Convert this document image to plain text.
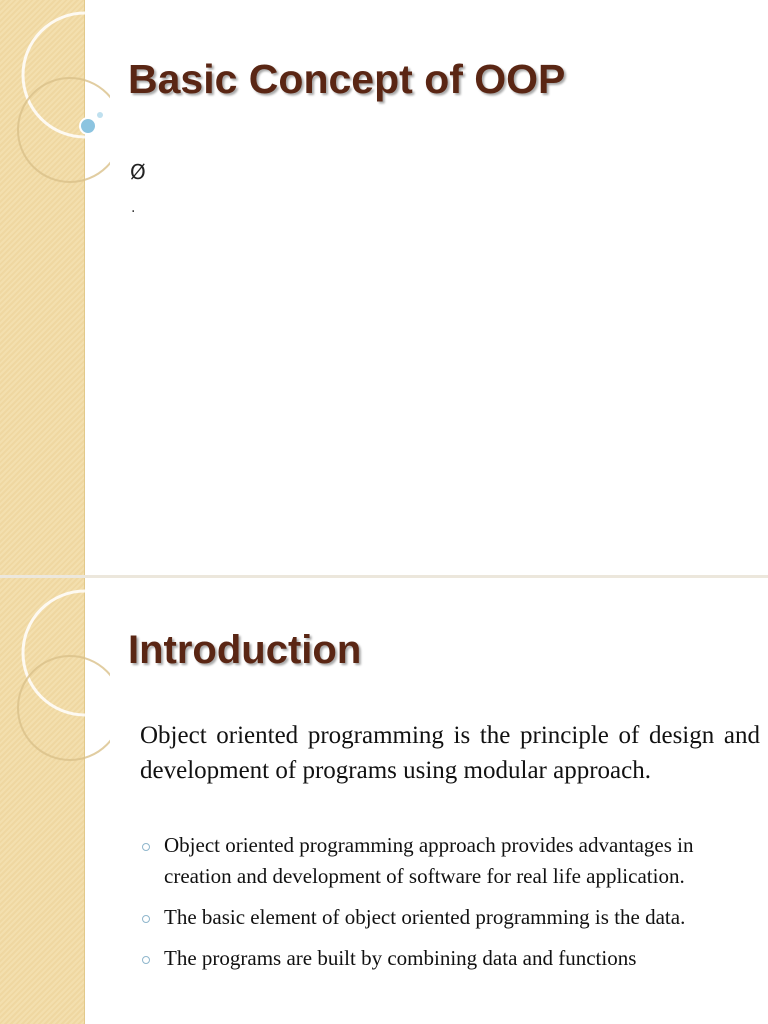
Basic Concept of OOP
Ø
.
Introduction

Object oriented programming is the principle of design and development of programs using modular approach.

Object oriented programming approach provides advantages in creation and development of software for real life application.
The basic element of object oriented programming is the data.
The programs are built by combining data and functions
